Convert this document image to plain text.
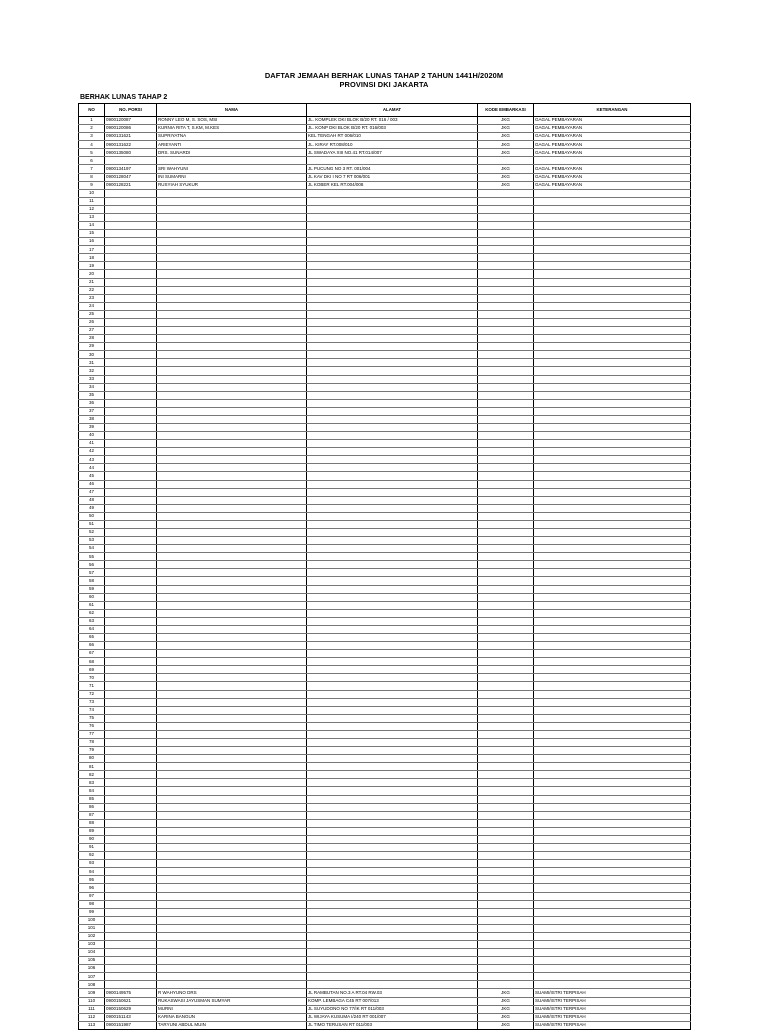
DAFTAR JEMAAH BERHAK LUNAS TAHAP 2 TAHUN 1441H/2020M
PROVINSI DKI JAKARTA
BERHAK LUNAS TAHAP 2
NO	NO. PORSI	NAMA	ALAMAT	KODE EMBARKASI	KETERANGAN
1	0900120087	RONNY LEO M, S. SOS, MSI	JL. KOMPLEK DKI BLOK B/20 RT. 016 / 003	JKG	GAGAL PEMBAYARAN
2	0900120086	KURNIA RITA T, S.KM, M.KES	JL. KONP DKI BLOK B/20 RT. 016/003	JKG	GAGAL PEMBAYARAN
3	0900131621	SUPRIYATNA	KEL TENGAH RT 006/010	JKG	GAGAL PEMBAYARAN
4	0900131622	ARIEYANTI	JL. KIRAY RT.008/010	JKG	GAGAL PEMBAYARAN
5	0900135080	DRS. SUNARDI	JL SWADAYA XIII NO.41 RT.014/007	JKG	GAGAL PEMBAYARAN
6					
7	0900134197	SRI WAHYUNI	JL PUCUNG NO 3 RT. 001/004	JKG	GAGAL PEMBAYARAN
8	0900128047	INI SUMARNI	JL KAV DKI I NO 7 RT 006/001	JKG	GAGAL PEMBAYARAN
9	0900128221	RUSYIAH SYUKUR	JL KOBER KEL RT.004/008	JKG	GAGAL PEMBAYARAN
10					
11					
12					
13					
14					
15					
16					
17					
18					
19					
20					
21					
22					
23					
24					
25					
26					
27					
28					
29					
30					
31					
32					
33					
34					
35					
36					
37					
38					
39					
40					
41					
42					
43					
44					
45					
46					
47					
48					
49					
50					
51					
52					
53					
54					
55					
56					
57					
58					
59					
60					
61					
62					
63					
64					
65					
66					
67					
68					
69					
70					
71					
72					
73					
74					
75					
76					
77					
78					
79					
80					
81					
82					
83					
84					
85					
86					
87					
88					
89					
90					
91					
92					
93					
94					
95					
96					
97					
98					
99					
100					
101					
102					
103					
104					
105					
106					
107					
108					
109	0900149575	R WAHYUNO DRS	JL RAMBUTAN NO.3 A RT.04 RW.03	JKG	SUAMI/ISTRI TERPISAH
110	0900150621	RUKASWASI JAYUSMAN SUMYAR	KOMP. LEMBAGA C45 RT 007/013	JKG	SUAMI/ISTRI TERPISAH
111	0900150629	MURNI	JL SUYUDONO NO 77/IK RT 011/003	JKG	SUAMI/ISTRI TERPISAH
112	0900151143	KARINA BANGUN	JL WIJAYA KUSUMA I/240 RT 001/007	JKG	SUAMI/ISTRI TERPISAH
113	0900151987	TARYUNI ABDUL MUIN	JL TIMO TERUSAN RT 011/003	JKG	SUAMI/ISTRI TERPISAH
